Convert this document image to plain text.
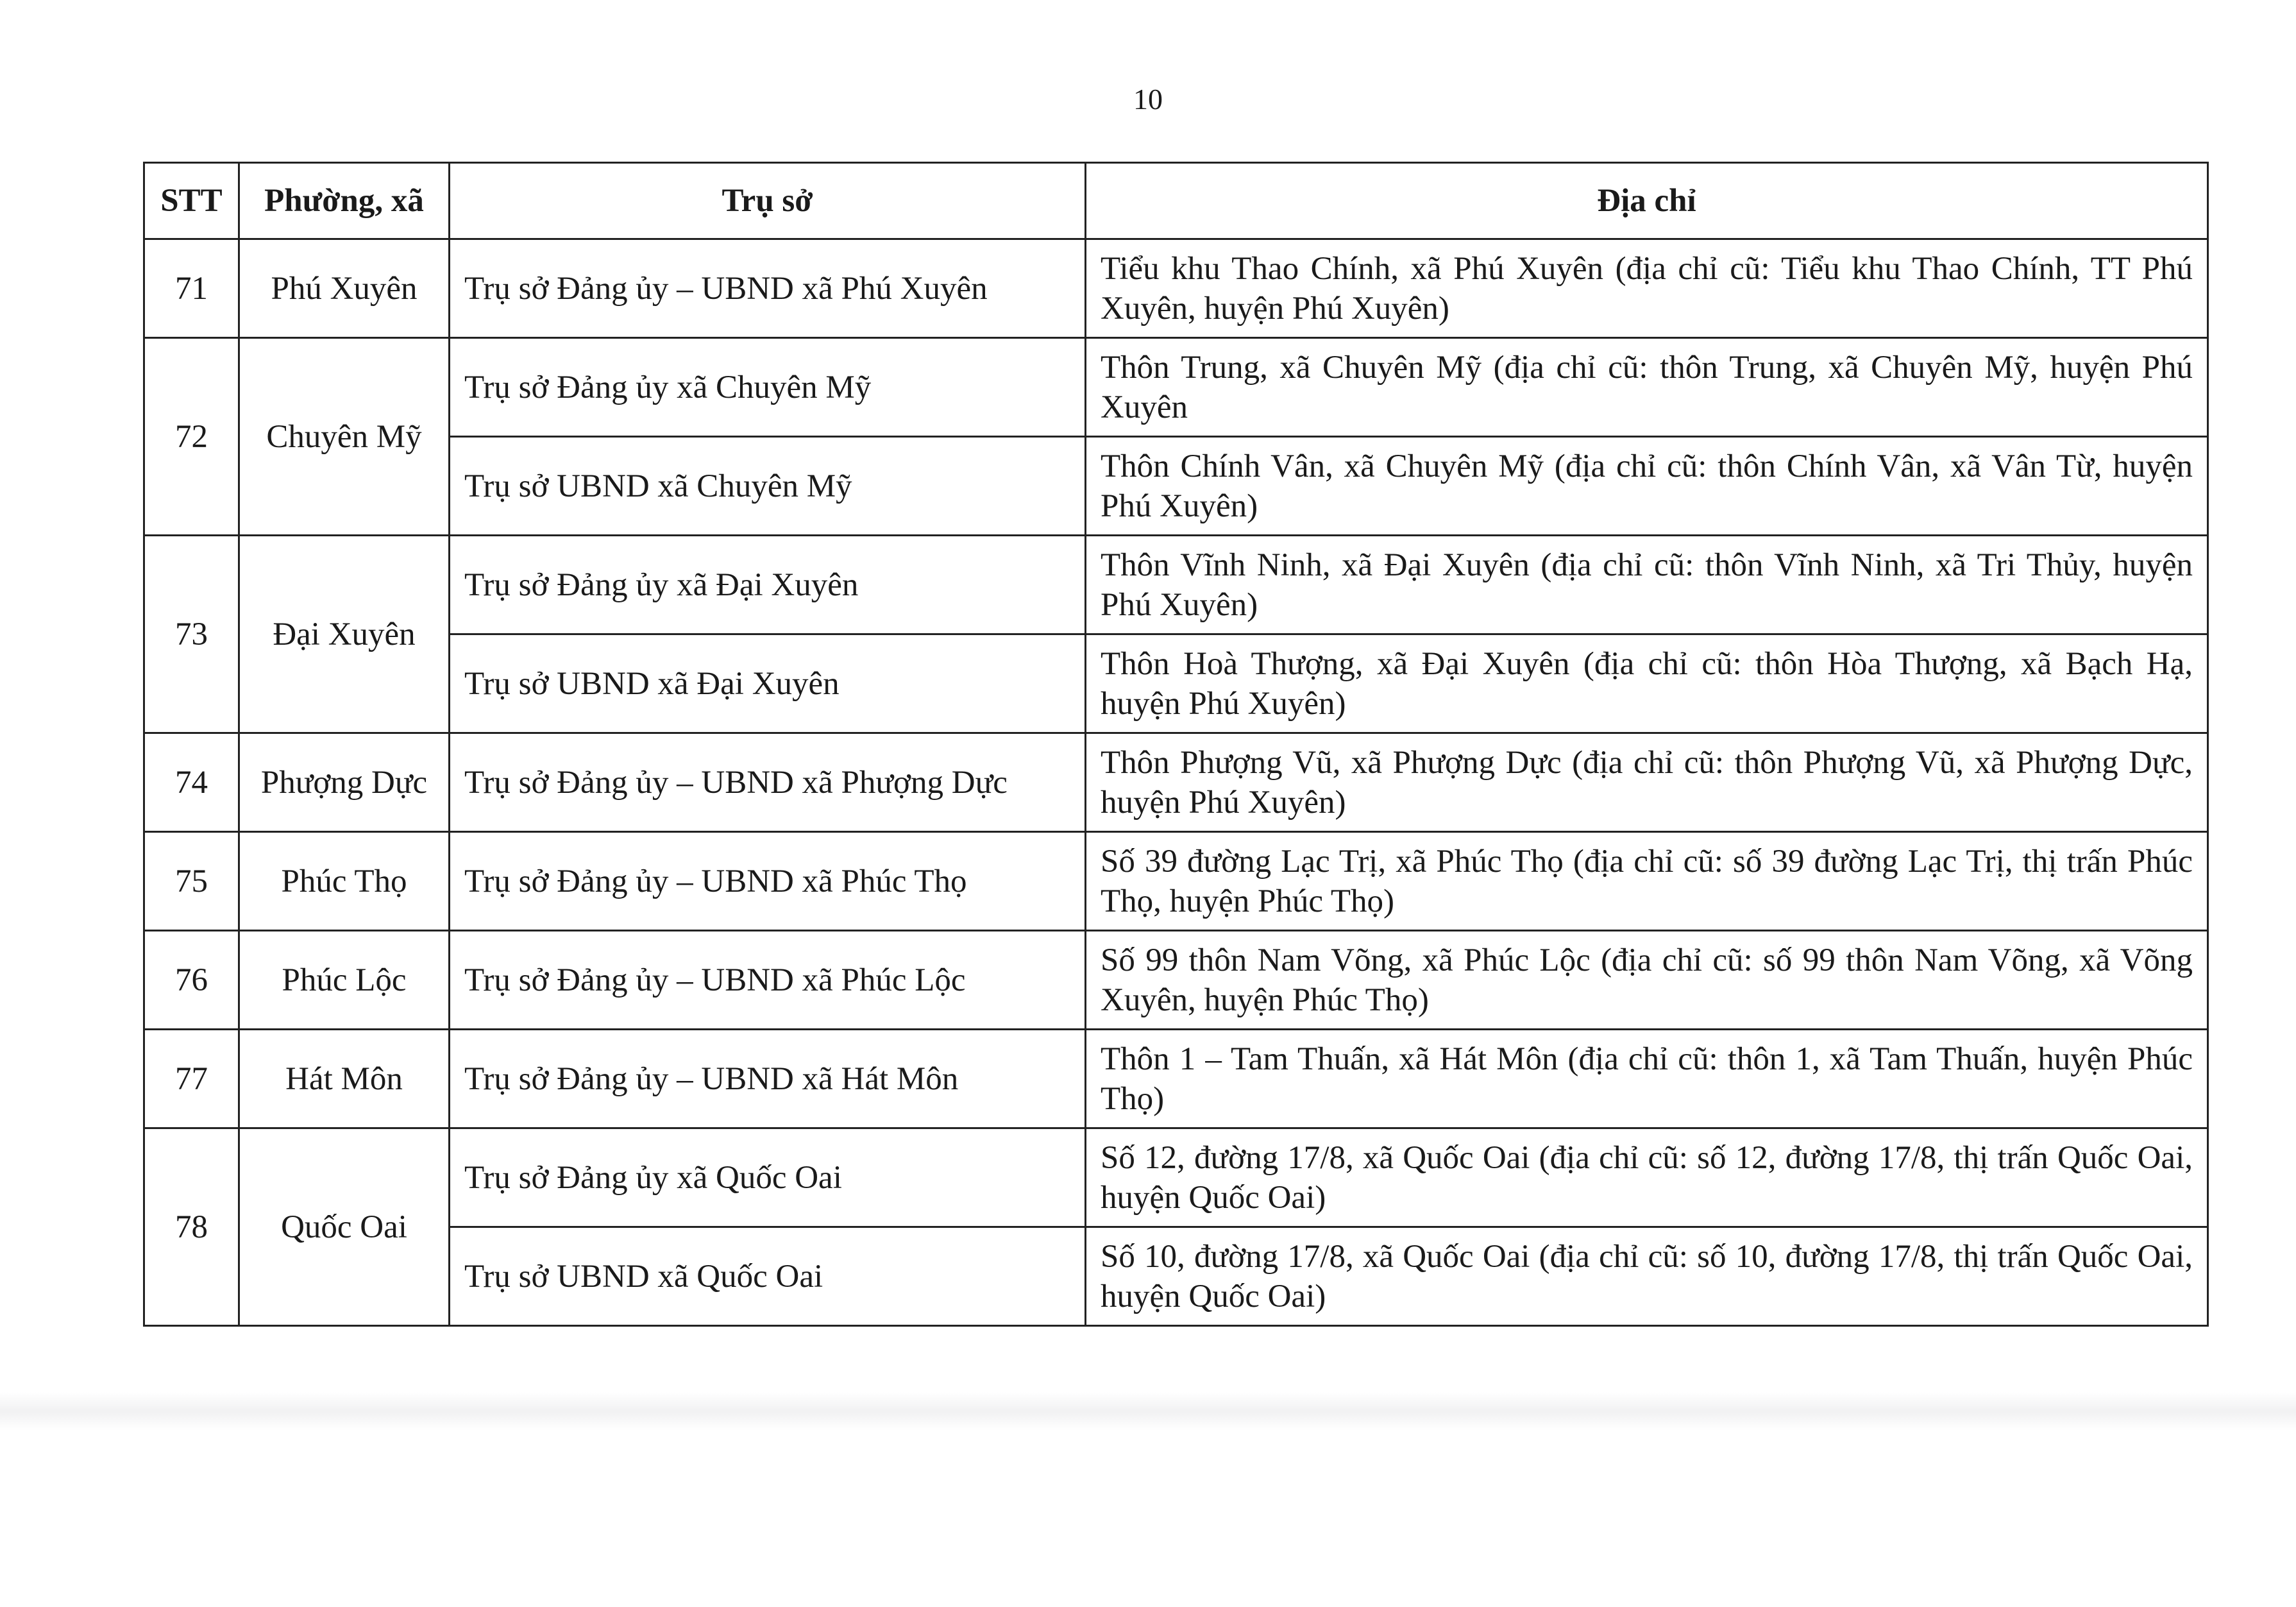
10
STT	Phường, xã	Trụ sở	Địa chỉ
71	Phú Xuyên	Trụ sở Đảng ủy – UBND xã Phú Xuyên	Tiểu khu Thao Chính, xã Phú Xuyên (địa chỉ cũ: Tiểu khu Thao Chính, TT Phú Xuyên, huyện Phú Xuyên)
72	Chuyên Mỹ	Trụ sở Đảng ủy xã Chuyên Mỹ	Thôn Trung, xã Chuyên Mỹ (địa chỉ cũ: thôn Trung, xã Chuyên Mỹ, huyện Phú Xuyên
		Trụ sở UBND xã Chuyên Mỹ	Thôn Chính Vân, xã Chuyên Mỹ (địa chỉ cũ: thôn Chính Vân, xã Vân Từ, huyện Phú Xuyên)
73	Đại Xuyên	Trụ sở Đảng ủy xã Đại Xuyên	Thôn Vĩnh Ninh, xã Đại Xuyên (địa chỉ cũ: thôn Vĩnh Ninh, xã Tri Thủy, huyện Phú Xuyên)
		Trụ sở UBND xã Đại Xuyên	Thôn Hoà Thượng, xã Đại Xuyên (địa chỉ cũ: thôn Hòa Thượng, xã Bạch Hạ, huyện Phú Xuyên)
74	Phượng Dực	Trụ sở Đảng ủy – UBND xã Phượng Dực	Thôn Phượng Vũ, xã Phượng Dực (địa chỉ cũ: thôn Phượng Vũ, xã Phượng Dực, huyện Phú Xuyên)
75	Phúc Thọ	Trụ sở Đảng ủy – UBND xã Phúc Thọ	Số 39 đường Lạc Trị, xã Phúc Thọ (địa chỉ cũ: số 39 đường Lạc Trị, thị trấn Phúc Thọ, huyện Phúc Thọ)
76	Phúc Lộc	Trụ sở Đảng ủy – UBND xã Phúc Lộc	Số 99 thôn Nam Võng, xã Phúc Lộc (địa chỉ cũ: số 99 thôn Nam Võng, xã Võng Xuyên, huyện Phúc Thọ)
77	Hát Môn	Trụ sở Đảng ủy – UBND xã Hát Môn	Thôn 1 – Tam Thuấn, xã Hát Môn (địa chỉ cũ: thôn 1, xã Tam Thuấn, huyện Phúc Thọ)
78	Quốc Oai	Trụ sở Đảng ủy xã Quốc Oai	Số 12, đường 17/8, xã Quốc Oai (địa chỉ cũ: số 12, đường 17/8, thị trấn Quốc Oai, huyện Quốc Oai)
		Trụ sở UBND xã Quốc Oai	Số 10, đường 17/8, xã Quốc Oai (địa chỉ cũ: số 10, đường 17/8, thị trấn Quốc Oai, huyện Quốc Oai)
